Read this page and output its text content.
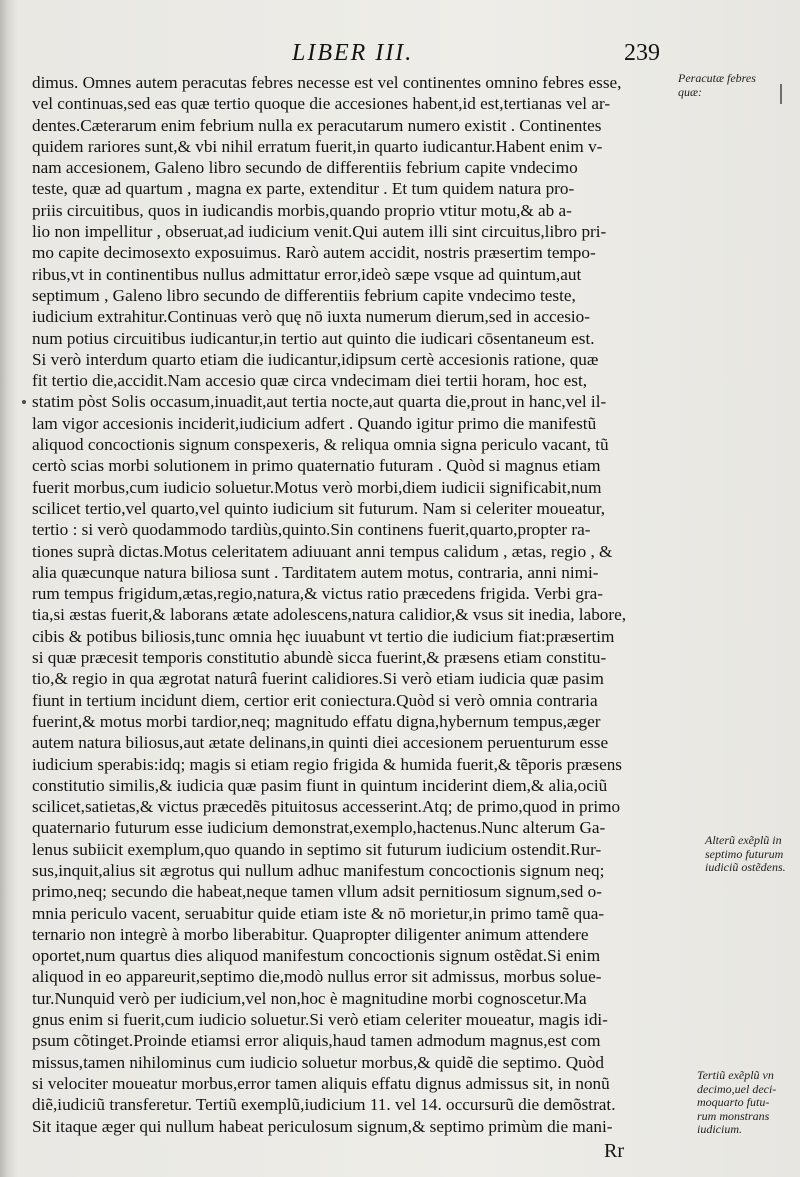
LIBER III.	239
dimus. Omnes autem peracutas febres necesse est vel continentes omnino febres esse,
vel continuas,sed eas quæ tertio quoque die accesiones habent,id est,tertianas vel ar-
dentes.Cæterarum enim febrium nulla ex peracutarum numero existit . Continentes
quidem rariores sunt,& vbi nihil erratum fuerit,in quarto iudicantur.Habent enim v-
nam accesionem, Galeno libro secundo de differentiis febrium capite vndecimo
teste, quæ ad quartum , magna ex parte, extenditur . Et tum quidem natura pro-
priis circuitibus, quos in iudicandis morbis,quando proprio vtitur motu,& ab a-
lio non impellitur , obseruat,ad iudicium venit.Qui autem illi sint circuitus,libro pri-
mo capite decimosexto exposuimus. Rarò autem accidit, nostris præsertim tempo-
ribus,vt in continentibus nullus admittatur error,ideò sæpe vsque ad quintum,aut
septimum , Galeno libro secundo de differentiis febrium capite vndecimo teste,
iudicium extrahitur.Continuas verò quę nō iuxta numerum dierum,sed in accesio-
num potius circuitibus iudicantur,in tertio aut quinto die iudicari cōsentaneum est.
Si verò interdum quarto etiam die iudicantur,idipsum certè accesionis ratione, quæ
fit tertio die,accidit.Nam accesio quæ circa vndecimam diei tertii horam, hoc est,
statim pòst Solis occasum,inuadit,aut tertia nocte,aut quarta die,prout in hanc,vel il-
lam vigor accesionis inciderit,iudicium adfert . Quando igitur primo die manifestũ
aliquod concoctionis signum conspexeris, & reliqua omnia signa periculo vacant, tũ
certò scias morbi solutionem in primo quaternatio futuram . Quòd si magnus etiam
fuerit morbus,cum iudicio soluetur.Motus verò morbi,diem iudicii significabit,num
scilicet tertio,vel quarto,vel quinto iudicium sit futurum. Nam si celeriter moueatur,
tertio : si verò quodammodo tardiùs,quinto.Sin continens fuerit,quarto,propter ra-
tiones suprà dictas.Motus celeritatem adiuuant anni tempus calidum , ætas, regio , &
alia quæcunque natura biliosa sunt . Tarditatem autem motus, contraria, anni nimi-
rum tempus frigidum,ætas,regio,natura,& victus ratio præcedens frigida. Verbi gra-
tia,si æstas fuerit,& laborans ætate adolescens,natura calidior,& vsus sit inedia, labore,
cibis & potibus biliosis,tunc omnia hęc iuuabunt vt tertio die iudicium fiat:præsertim
si quæ præcesit temporis constitutio abundè sicca fuerint,& præsens etiam constitu-
tio,& regio in qua ægrotat naturâ fuerint calidiores.Si verò etiam iudicia quæ pasim
fiunt in tertium incidunt diem, certior erit coniectura.Quòd si verò omnia contraria
fuerint,& motus morbi tardior,neq; magnitudo effatu digna,hybernum tempus,æger
autem natura biliosus,aut ætate delinans,in quinti diei accesionem peruenturum esse
iudicium sperabis:idq; magis si etiam regio frigida & humida fuerit,& tẽporis præsens
constitutio similis,& iudicia quæ pasim fiunt in quintum inciderint diem,& alia,ociũ
scilicet,satietas,& victus præcedẽs pituitosus accesserint.Atq; de primo,quod in primo
quaternario futurum esse iudicium demonstrat,exemplo,hactenus.Nunc alterum Ga-
lenus subiicit exemplum,quo quando in septimo sit futurum iudicium ostendit.Rur-
sus,inquit,alius sit ægrotus qui nullum adhuc manifestum concoctionis signum neq;
primo,neq; secundo die habeat,neque tamen vllum adsit pernitiosum signum,sed o-
mnia periculo vacent, seruabitur quide etiam iste & nō morietur,in primo tamẽ qua-
ternario non integrè à morbo liberabitur. Quapropter diligenter animum attendere
oportet,num quartus dies aliquod manifestum concoctionis signum ostẽdat.Si enim
aliquod in eo appareurit,septimo die,modò nullus error sit admissus, morbus solue-
tur.Nunquid verò per iudicium,vel non,hoc è magnitudine morbi cognoscetur.Ma
gnus enim si fuerit,cum iudicio soluetur.Si verò etiam celeriter moueatur, magis idi-
psum cõtinget.Proinde etiamsi error aliquis,haud tamen admodum magnus,est com
missus,tamen nihilominus cum iudicio soluetur morbus,& quidẽ die septimo. Quòd
si velociter moueatur morbus,error tamen aliquis effatu dignus admissus sit, in nonũ
diẽ,iudiciũ transferetur. Tertiũ exemplũ,iudicium 11. vel 14. occursurũ die demõstrat.
Sit itaque æger qui nullum habeat periculosum signum,& septimo primùm die mani-
Peracutæ febres
quæ:
Alterũ exẽplũ in
septimo futurum
iudiciũ ostẽdens.
Tertiũ exẽplũ vn
decimo,uel deci-
moquarto futu-
rum monstrans
iudicium.
Rr
